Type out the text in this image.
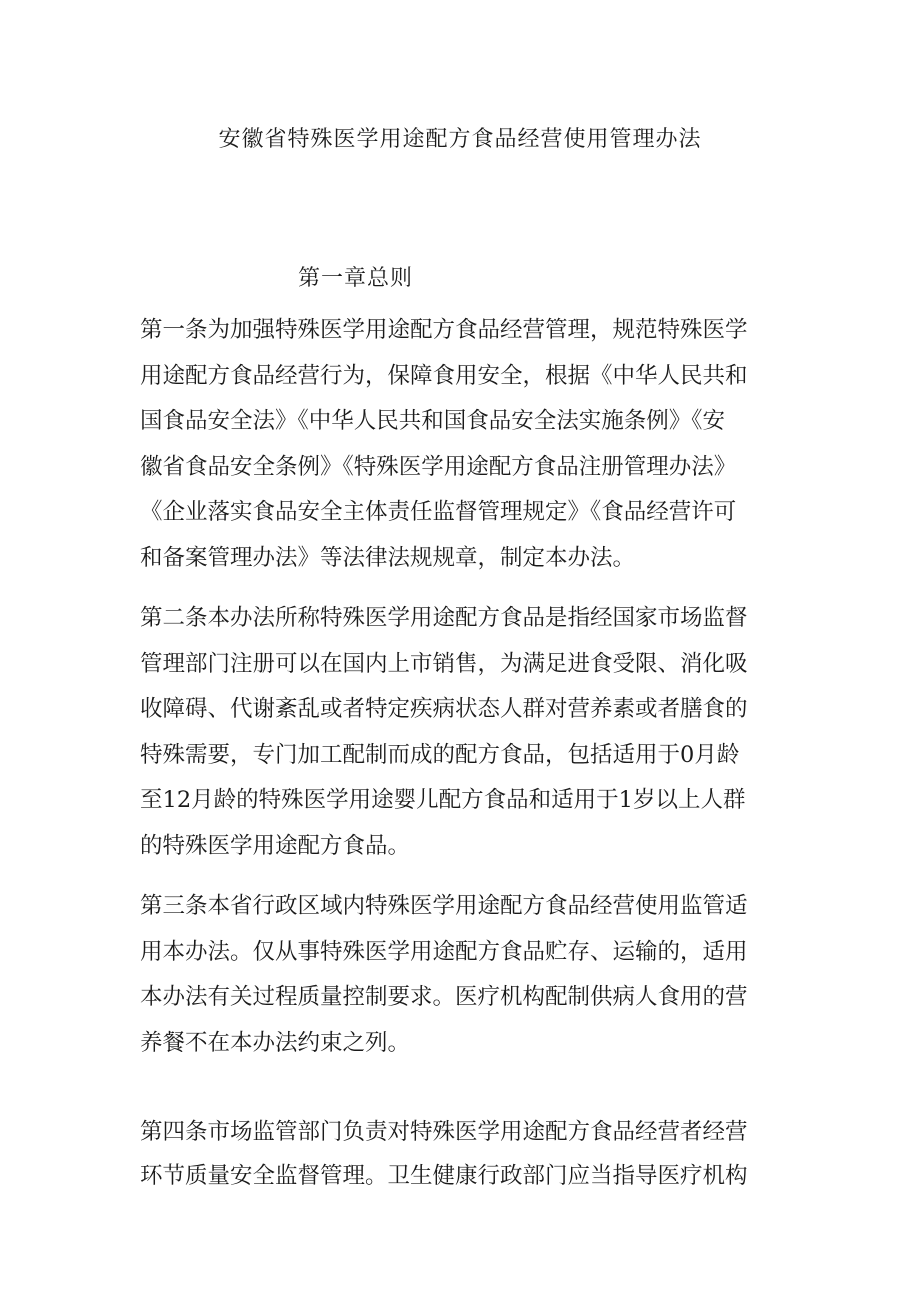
安徽省特殊医学用途配方食品经营使用管理办法
第一章总则
第一条为加强特殊医学用途配方食品经营管理，规范特殊医学
用途配方食品经营行为，保障食用安全，根据《中华人民共和
国食品安全法》《中华人民共和国食品安全法实施条例》《安
徽省食品安全条例》《特殊医学用途配方食品注册管理办法》
《企业落实食品安全主体责任监督管理规定》《食品经营许可
和备案管理办法》等法律法规规章，制定本办法。
第二条本办法所称特殊医学用途配方食品是指经国家市场监督
管理部门注册可以在国内上市销售，为满足进食受限、消化吸
收障碍、代谢紊乱或者特定疾病状态人群对营养素或者膳食的
特殊需要，专门加工配制而成的配方食品，包括适用于0月龄
至12月龄的特殊医学用途婴儿配方食品和适用于1岁以上人群
的特殊医学用途配方食品。
第三条本省行政区域内特殊医学用途配方食品经营使用监管适
用本办法。仅从事特殊医学用途配方食品贮存、运输的，适用
本办法有关过程质量控制要求。医疗机构配制供病人食用的营
养餐不在本办法约束之列。
第四条市场监管部门负责对特殊医学用途配方食品经营者经营
环节质量安全监督管理。卫生健康行政部门应当指导医疗机构
